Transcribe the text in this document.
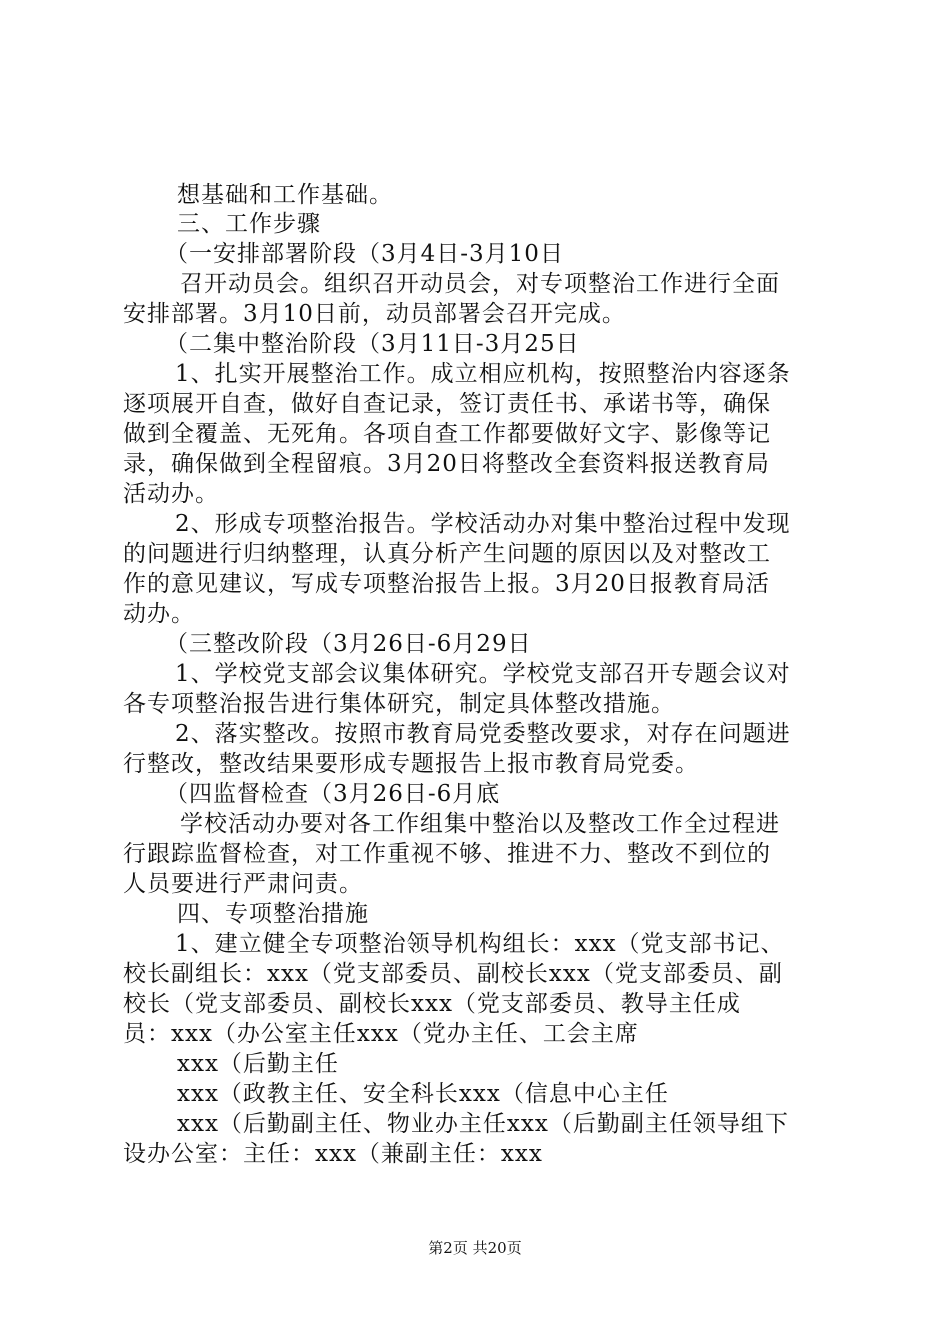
想基础和工作基础。
三、工作步骤
（一安排部署阶段（3月4日-3月10日
召开动员会。组织召开动员会，对专项整治工作进行全面
安排部署。3月10日前，动员部署会召开完成。
（二集中整治阶段（3月11日-3月25日
1、扎实开展整治工作。成立相应机构，按照整治内容逐条
逐项展开自查，做好自查记录，签订责任书、承诺书等，确保
做到全覆盖、无死角。各项自查工作都要做好文字、影像等记
录，确保做到全程留痕。3月20日将整改全套资料报送教育局
活动办。
2、形成专项整治报告。学校活动办对集中整治过程中发现
的问题进行归纳整理，认真分析产生问题的原因以及对整改工
作的意见建议，写成专项整治报告上报。3月20日报教育局活
动办。
（三整改阶段（3月26日-6月29日
1、学校党支部会议集体研究。学校党支部召开专题会议对
各专项整治报告进行集体研究，制定具体整改措施。
2、落实整改。按照市教育局党委整改要求，对存在问题进
行整改，整改结果要形成专题报告上报市教育局党委。
（四监督检查（3月26日-6月底
学校活动办要对各工作组集中整治以及整改工作全过程进
行跟踪监督检查，对工作重视不够、推进不力、整改不到位的
人员要进行严肃问责。
四、专项整治措施
1、建立健全专项整治领导机构组长：xxx（党支部书记、
校长副组长：xxx（党支部委员、副校长xxx（党支部委员、副
校长（党支部委员、副校长xxx（党支部委员、教导主任成
员：xxx（办公室主任xxx（党办主任、工会主席
xxx（后勤主任
xxx（政教主任、安全科长xxx（信息中心主任
xxx（后勤副主任、物业办主任xxx（后勤副主任领导组下
设办公室：主任：xxx（兼副主任：xxx
第2页 共20页
